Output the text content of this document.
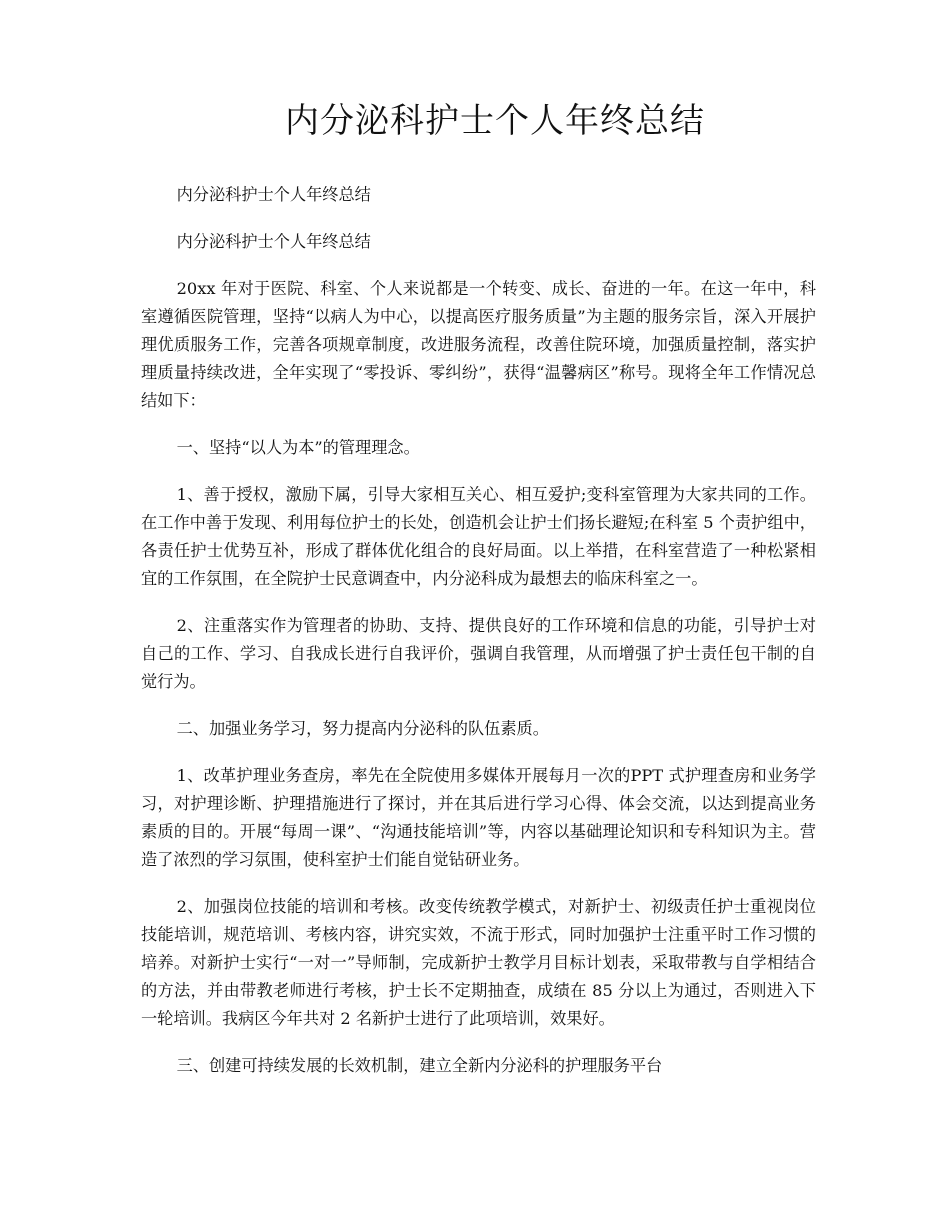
内分泌科护士个人年终总结

内分泌科护士个人年终总结

内分泌科护士个人年终总结

20xx 年对于医院、科室、个人来说都是一个转变、成长、奋进的一年。在这一年中，科室遵循医院管理，坚持“以病人为中心，以提高医疗服务质量”为主题的服务宗旨，深入开展护理优质服务工作，完善各项规章制度，改进服务流程，改善住院环境，加强质量控制，落实护理质量持续改进，全年实现了“零投诉、零纠纷”，获得“温馨病区”称号。现将全年工作情况总结如下：

一、坚持“以人为本”的管理理念。

1、善于授权，激励下属，引导大家相互关心、相互爱护;变科室管理为大家共同的工作。在工作中善于发现、利用每位护士的长处，创造机会让护士们扬长避短;在科室 5 个责护组中，各责任护士优势互补，形成了群体优化组合的良好局面。以上举措，在科室营造了一种松紧相宜的工作氛围，在全院护士民意调查中，内分泌科成为最想去的临床科室之一。

2、注重落实作为管理者的协助、支持、提供良好的工作环境和信息的功能，引导护士对自己的工作、学习、自我成长进行自我评价，强调自我管理，从而增强了护士责任包干制的自觉行为。

二、加强业务学习，努力提高内分泌科的队伍素质。

1、改革护理业务查房，率先在全院使用多媒体开展每月一次的PPT 式护理查房和业务学习，对护理诊断、护理措施进行了探讨，并在其后进行学习心得、体会交流，以达到提高业务素质的目的。开展“每周一课”、“沟通技能培训”等，内容以基础理论知识和专科知识为主。营造了浓烈的学习氛围，使科室护士们能自觉钻研业务。

2、加强岗位技能的培训和考核。改变传统教学模式，对新护士、初级责任护士重视岗位技能培训，规范培训、考核内容，讲究实效，不流于形式，同时加强护士注重平时工作习惯的培养。对新护士实行“一对一”导师制，完成新护士教学月目标计划表，采取带教与自学相结合的方法，并由带教老师进行考核，护士长不定期抽查，成绩在 85 分以上为通过，否则进入下一轮培训。我病区今年共对 2 名新护士进行了此项培训，效果好。

三、创建可持续发展的长效机制，建立全新内分泌科的护理服务平台
